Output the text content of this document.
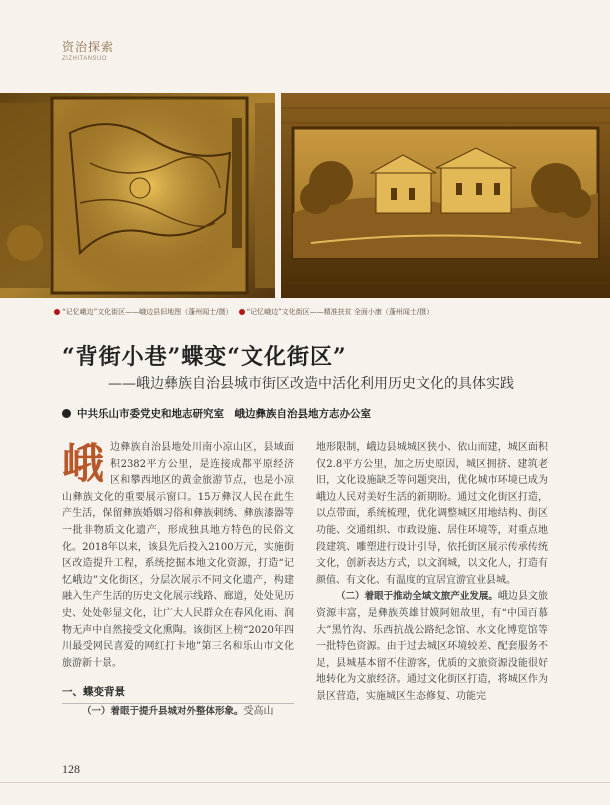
资治探索
ZIZHITANSUO
“记忆峨边”文化街区——峨边县旧地图（蓬州闻士/摄） “记忆峨边”文化街区——精准扶贫 全面小康（蓬州闻士/摄）
“背街小巷”蝶变“文化街区”
——峨边彝族自治县城市街区改造中活化利用历史文化的具体实践
中共乐山市委党史和地志研究室　峨边彝族自治县地方志办公室
峨 边彝族自治县地处川南小凉山区，县域面积2382平方公里，是连接成都平原经济区和攀西地区的黄金旅游节点，也是小凉山彝族文化的重要展示窗口。15万彝汉人民在此生产生活，保留彝族婚姻习俗和彝族刺绣、彝族漆器等一批非物质文化遗产，形成独具地方特色的民俗文化。2018年以来，该县先后投入2100万元，实施街区改造提升工程，系统挖掘本地文化资源，打造“记忆峨边”文化街区，分层次展示不同文化遗产，构建融入生产生活的历史文化展示线路、廊道，处处见历史、处处彰显文化，让广大人民群众在春风化雨、润物无声中自然接受文化熏陶。该街区上榜“2020年四川最受网民喜爱的网红打卡地”第三名和乐山市文化旅游新十景。

一、蝶变背景

（一）着眼于提升县城对外整体形象。受高山

地形限制，峨边县城城区狭小、依山而建，城区面积仅2.8平方公里，加之历史原因，城区拥挤、建筑老旧，文化设施缺乏等问题突出，优化城市环境已成为峨边人民对美好生活的新期盼。通过文化街区打造，以点带面，系统梳理，优化调整城区用地结构、街区功能、交通组织、市政设施、居住环境等，对重点地段建筑、雕塑进行设计引导，依托街区展示传承传统文化，创新表达方式，以文润城，以文化人，打造有颜值、有文化、有温度的宜居宜游宜业县城。

（二）着眼于推动全域文旅产业发展。峨边县文旅资源丰富，是彝族英雄甘嫫阿妞故里，有“中国百慕大”黑竹沟、乐西抗战公路纪念馆、水文化博览馆等一批特色资源。由于过去城区环境较差、配套服务不足，县城基本留不住游客，优质的文旅资源没能很好地转化为文旅经济。通过文化街区打造，将城区作为景区营造，实施城区生态修复、功能完

128
